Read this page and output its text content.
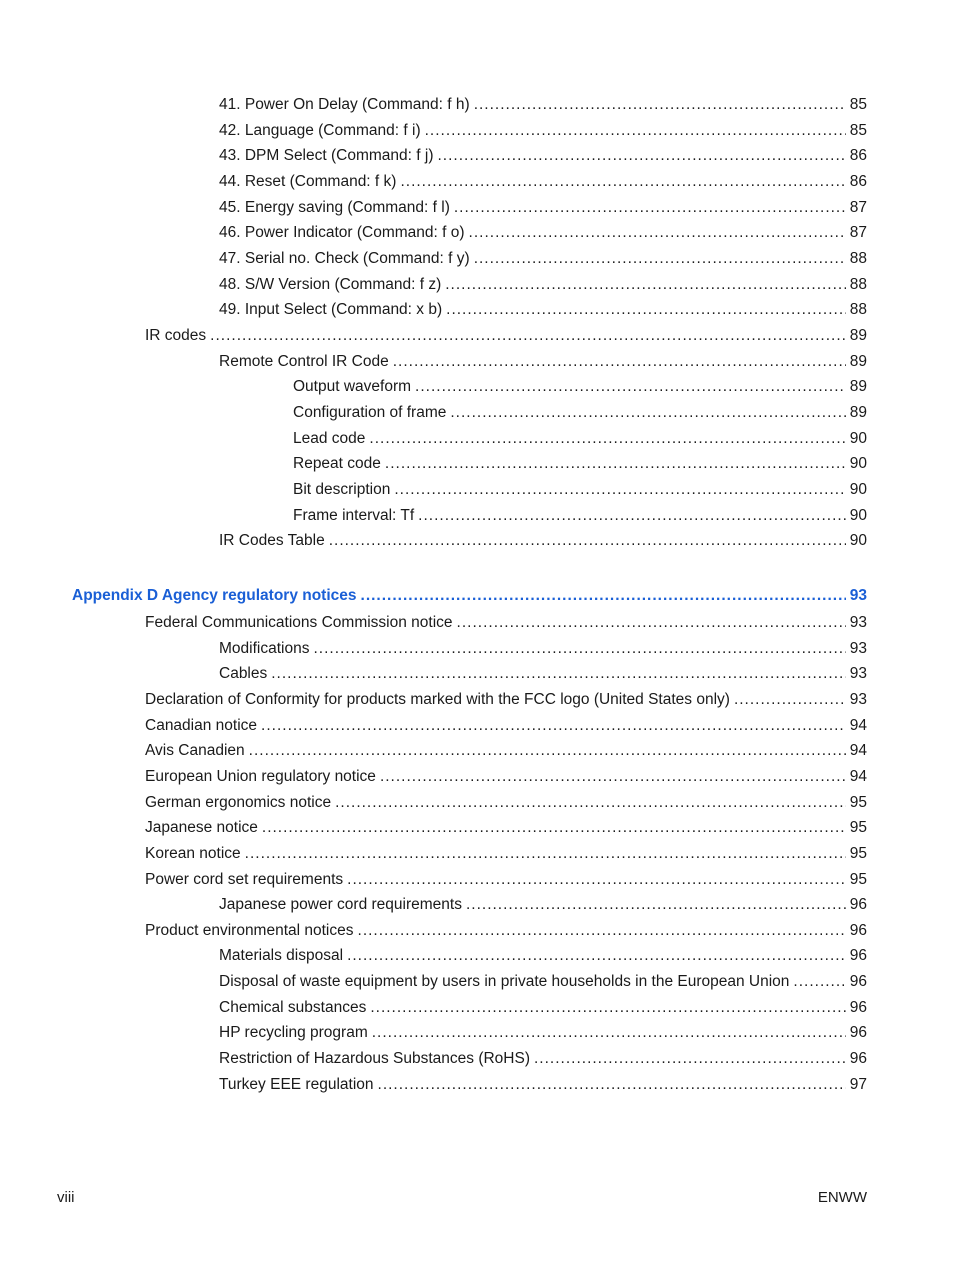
41. Power On Delay (Command: f h) .....	85
42. Language (Command: f i) .....	85
43. DPM Select (Command: f j) .....	86
44. Reset (Command: f k) .....	86
45. Energy saving (Command: f l) .....	87
46. Power Indicator (Command: f o) .....	87
47. Serial no. Check (Command: f y) .....	88
48. S/W Version (Command: f z) .....	88
49. Input Select (Command: x b) .....	88
IR codes .....	89
Remote Control IR Code .....	89
Output waveform .....	89
Configuration of frame .....	89
Lead code .....	90
Repeat code .....	90
Bit description .....	90
Frame interval: Tf .....	90
IR Codes Table .....	90
Appendix D Agency regulatory notices .....	93
Federal Communications Commission notice .....	93
Modifications .....	93
Cables .....	93
Declaration of Conformity for products marked with the FCC logo (United States only) .....	93
Canadian notice .....	94
Avis Canadien .....	94
European Union regulatory notice .....	94
German ergonomics notice .....	95
Japanese notice .....	95
Korean notice .....	95
Power cord set requirements .....	95
Japanese power cord requirements .....	96
Product environmental notices .....	96
Materials disposal .....	96
Disposal of waste equipment by users in private households in the European Union .....	96
Chemical substances .....	96
HP recycling program .....	96
Restriction of Hazardous Substances (RoHS) .....	96
Turkey EEE regulation .....	97
viii	ENWW
